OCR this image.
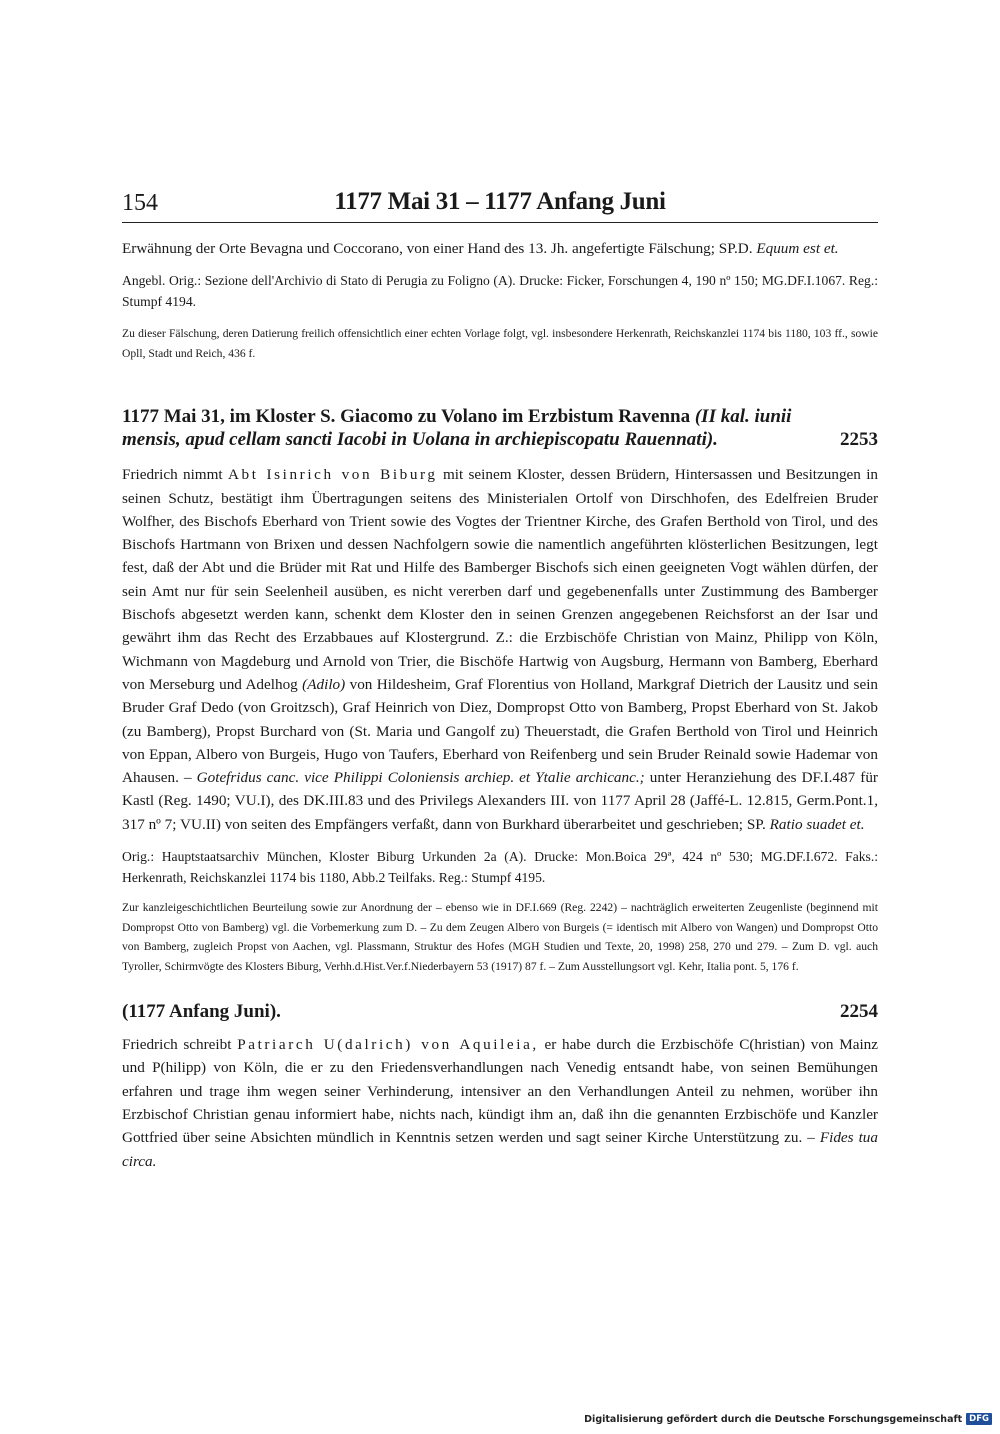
154	1177 Mai 31 – 1177 Anfang Juni

Erwähnung der Orte Bevagna und Coccorano, von einer Hand des 13. Jh. angefertigte Fälschung; SP.D. Equum est et.

Angebl. Orig.: Sezione dell'Archivio di Stato di Perugia zu Foligno (A). Drucke: Ficker, Forschungen 4, 190 nº 150; MG.DF.I.1067. Reg.: Stumpf 4194.

Zu dieser Fälschung, deren Datierung freilich offensichtlich einer echten Vorlage folgt, vgl. insbesondere Herkenrath, Reichskanzlei 1174 bis 1180, 103 ff., sowie Opll, Stadt und Reich, 436 f.

1177 Mai 31, im Kloster S. Giacomo zu Volano im Erzbistum Ravenna (II kal. iunii mensis, apud cellam sancti Iacobi in Uolana in archiepiscopatu Rauennati).	2253

Friedrich nimmt Abt Isinrich von Biburg mit seinem Kloster, dessen Brüdern, Hintersassen und Besitzungen in seinen Schutz, bestätigt ihm Übertragungen seitens des Ministerialen Ortolf von Dirschhofen, des Edelfreien Bruder Wolfher, des Bischofs Eberhard von Trient sowie des Vogtes der Trientner Kirche, des Grafen Berthold von Tirol, und des Bischofs Hartmann von Brixen und dessen Nachfolgern sowie die namentlich angeführten klösterlichen Besitzungen, legt fest, daß der Abt und die Brüder mit Rat und Hilfe des Bamberger Bischofs sich einen geeigneten Vogt wählen dürfen, der sein Amt nur für sein Seelenheil ausüben, es nicht vererben darf und gegebenenfalls unter Zustimmung des Bamberger Bischofs abgesetzt werden kann, schenkt dem Kloster den in seinen Grenzen angegebenen Reichsforst an der Isar und gewährt ihm das Recht des Erzabbaues auf Klostergrund. Z.: die Erzbischöfe Christian von Mainz, Philipp von Köln, Wichmann von Magdeburg und Arnold von Trier, die Bischöfe Hartwig von Augsburg, Hermann von Bamberg, Eberhard von Merseburg und Adelhog (Adilo) von Hildesheim, Graf Florentius von Holland, Markgraf Dietrich der Lausitz und sein Bruder Graf Dedo (von Groitzsch), Graf Heinrich von Diez, Dompropst Otto von Bamberg, Propst Eberhard von St. Jakob (zu Bamberg), Propst Burchard von (St. Maria und Gangolf zu) Theuerstadt, die Grafen Berthold von Tirol und Heinrich von Eppan, Albero von Burgeis, Hugo von Taufers, Eberhard von Reifenberg und sein Bruder Reinald sowie Hademar von Ahausen. – Gotefridus canc. vice Philippi Coloniensis archiep. et Ytalie archicanc.; unter Heranziehung des DF.I.487 für Kastl (Reg. 1490; VU.I), des DK.III.83 und des Privilegs Alexanders III. von 1177 April 28 (Jaffé-L. 12.815, Germ.Pont.1, 317 nº 7; VU.II) von seiten des Empfängers verfaßt, dann von Burkhard überarbeitet und geschrieben; SP. Ratio suadet et.

Orig.: Hauptstaatsarchiv München, Kloster Biburg Urkunden 2a (A). Drucke: Mon.Boica 29ª, 424 nº 530; MG.DF.I.672. Faks.: Herkenrath, Reichskanzlei 1174 bis 1180, Abb.2 Teilfaks. Reg.: Stumpf 4195.

Zur kanzleigeschichtlichen Beurteilung sowie zur Anordnung der – ebenso wie in DF.I.669 (Reg. 2242) – nachträglich erweiterten Zeugenliste (beginnend mit Dompropst Otto von Bamberg) vgl. die Vorbemerkung zum D. – Zu dem Zeugen Albero von Burgeis (= identisch mit Albero von Wangen) und Dompropst Otto von Bamberg, zugleich Propst von Aachen, vgl. Plassmann, Struktur des Hofes (MGH Studien und Texte, 20, 1998) 258, 270 und 279. – Zum D. vgl. auch Tyroller, Schirmvögte des Klosters Biburg, Verhh.d.Hist.Ver.f.Niederbayern 53 (1917) 87 f. – Zum Ausstellungsort vgl. Kehr, Italia pont. 5, 176 f.

(1177 Anfang Juni).	2254

Friedrich schreibt Patriarch U(dalrich) von Aquileia, er habe durch die Erzbischöfe C(hristian) von Mainz und P(hilipp) von Köln, die er zu den Friedensverhandlungen nach Venedig entsandt habe, von seinen Bemühungen erfahren und trage ihm wegen seiner Verhinderung, intensiver an den Verhandlungen Anteil zu nehmen, worüber ihn Erzbischof Christian genau informiert habe, nichts nach, kündigt ihm an, daß ihn die genannten Erzbischöfe und Kanzler Gottfried über seine Absichten mündlich in Kenntnis setzen werden und sagt seiner Kirche Unterstützung zu. – Fides tua circa.

Digitalisierung gefördert durch die Deutsche Forschungsgemeinschaft DFG
